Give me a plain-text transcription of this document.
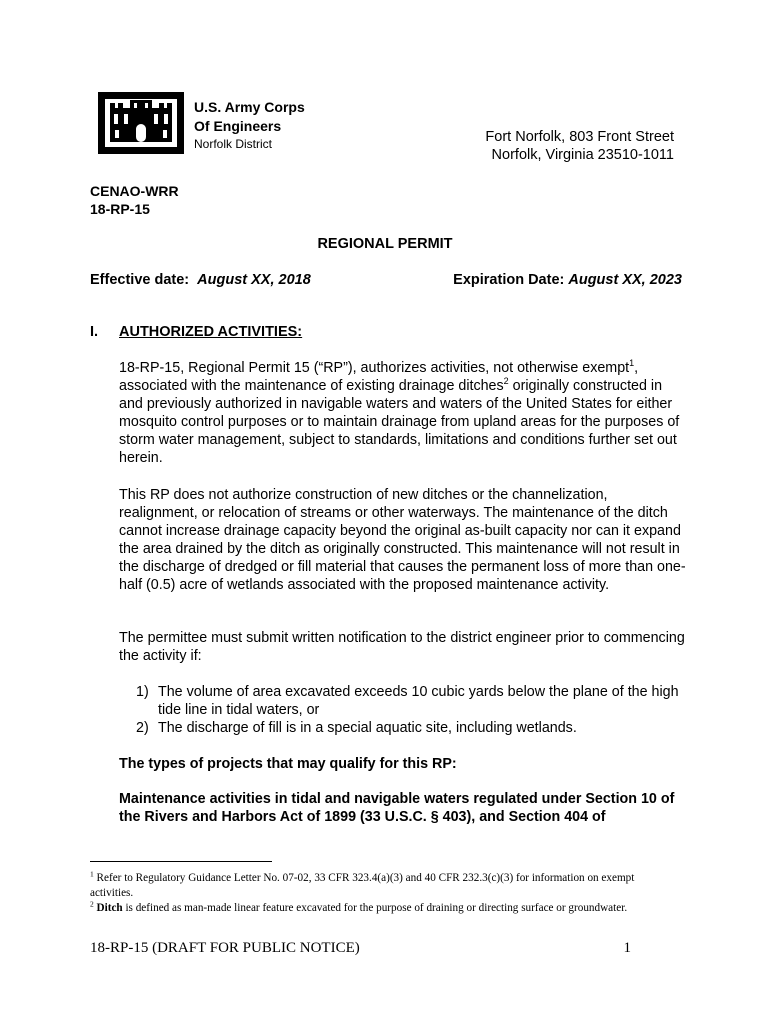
U.S. Army Corps
Of Engineers
Norfolk District	Fort Norfolk, 803 Front Street
Norfolk, Virginia 23510-1011
CENAO-WRR
18-RP-15
REGIONAL PERMIT
Effective date:  August XX, 2018	Expiration Date: August XX, 2023
I. AUTHORIZED ACTIVITIES:
18-RP-15, Regional Permit 15 (“RP”), authorizes activities, not otherwise exempt$^1$, associated with the maintenance of existing drainage ditches$^2$ originally constructed in and previously authorized in navigable waters and waters of the United States for either mosquito control purposes or to maintain drainage from upland areas for the purposes of storm water management, subject to standards, limitations and conditions further set out herein.
This RP does not authorize construction of new ditches or the channelization, realignment, or relocation of streams or other waterways. The maintenance of the ditch cannot increase drainage capacity beyond the original as-built capacity nor can it expand the area drained by the ditch as originally constructed. This maintenance will not result in the discharge of dredged or fill material that causes the permanent loss of more than one-half (0.5) acre of wetlands associated with the proposed maintenance activity.
The permittee must submit written notification to the district engineer prior to commencing the activity if:
1) The volume of area excavated exceeds 10 cubic yards below the plane of the high tide line in tidal waters, or
2) The discharge of fill is in a special aquatic site, including wetlands.
The types of projects that may qualify for this RP:
Maintenance activities in tidal and navigable waters regulated under Section 10 of the Rivers and Harbors Act of 1899 (33 U.S.C. § 403), and Section 404 of
$^1$ Refer to Regulatory Guidance Letter No. 07-02, 33 CFR 323.4(a)(3) and 40 CFR 232.3(c)(3) for information on exempt activities.
$^2$ Ditch is defined as man-made linear feature excavated for the purpose of draining or directing surface or groundwater.
18-RP-15 (DRAFT FOR PUBLIC NOTICE)	1
